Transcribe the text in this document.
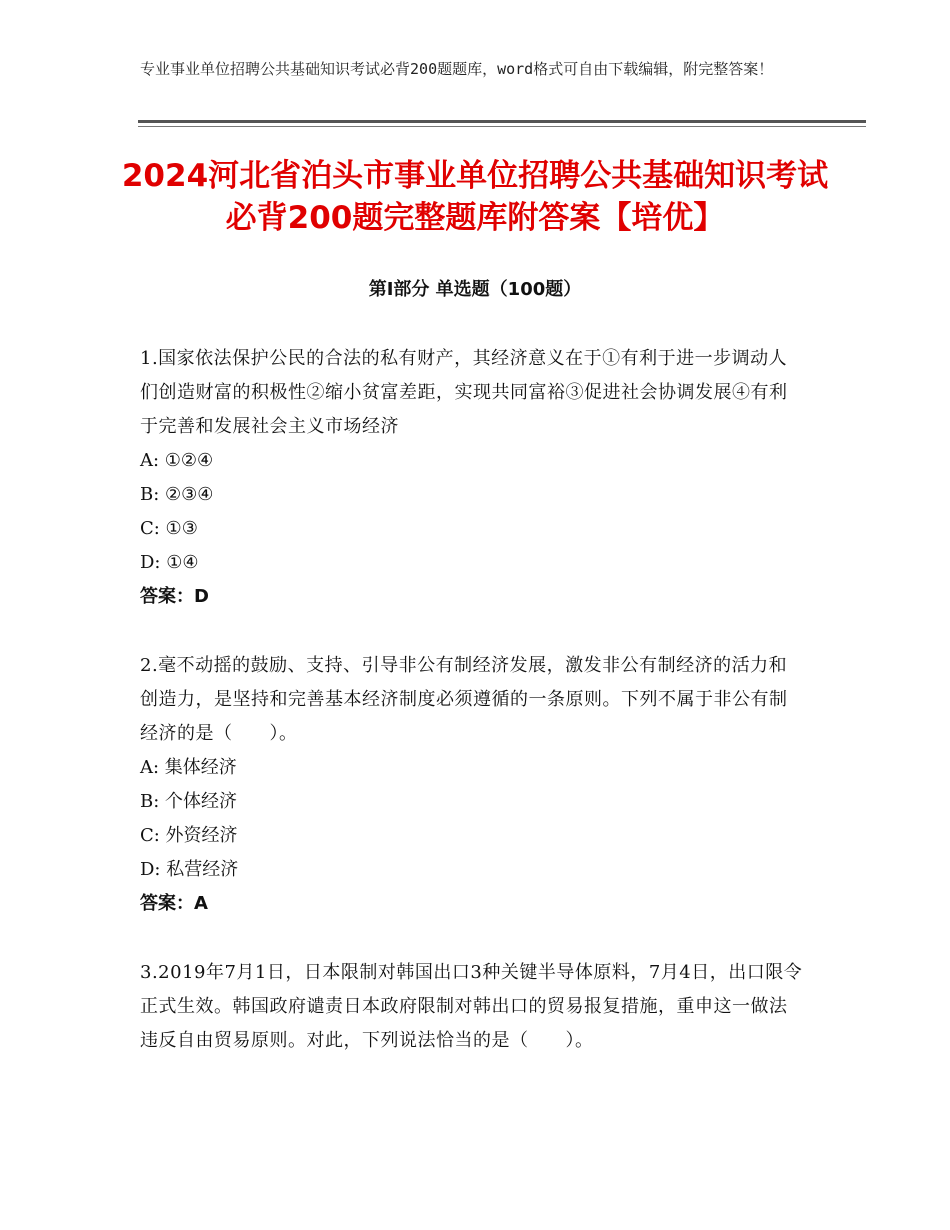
专业事业单位招聘公共基础知识考试必背200题题库，word格式可自由下载编辑，附完整答案！
2024河北省泊头市事业单位招聘公共基础知识考试必背200题完整题库附答案【培优】
第Ⅰ部分 单选题（100题）

1.国家依法保护公民的合法的私有财产，其经济意义在于①有利于进一步调动人们创造财富的积极性②缩小贫富差距，实现共同富裕③促进社会协调发展④有利于完善和发展社会主义市场经济

A: ①②④

B: ②③④

C: ①③

D: ①④

答案：D

2.毫不动摇的鼓励、支持、引导非公有制经济发展，激发非公有制经济的活力和创造力，是坚持和完善基本经济制度必须遵循的一条原则。下列不属于非公有制经济的是（　　）。

A: 集体经济

B: 个体经济

C: 外资经济

D: 私营经济

答案：A

3.2019年7月1日，日本限制对韩国出口3种关键半导体原料，7月4日，出口限令正式生效。韩国政府谴责日本政府限制对韩出口的贸易报复措施，重申这一做法违反自由贸易原则。对此，下列说法恰当的是（　　）。
